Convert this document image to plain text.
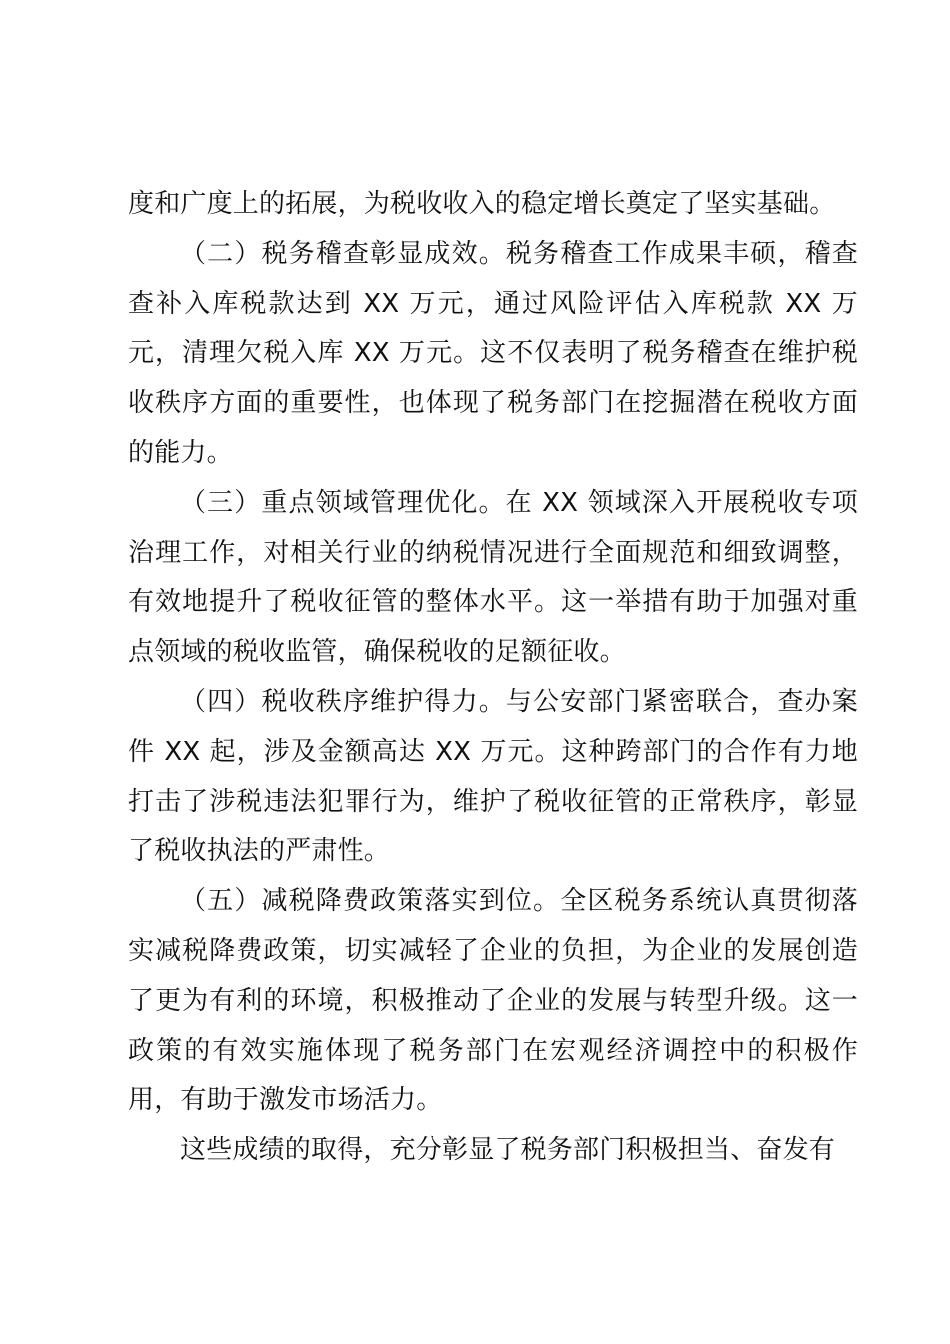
度和广度上的拓展，为税收收入的稳定增长奠定了坚实基础。

（二）税务稽查彰显成效。税务稽查工作成果丰硕，稽查查补入库税款达到 XX 万元，通过风险评估入库税款 XX 万元，清理欠税入库 XX 万元。这不仅表明了税务稽查在维护税收秩序方面的重要性，也体现了税务部门在挖掘潜在税收方面的能力。

（三）重点领域管理优化。在 XX 领域深入开展税收专项治理工作，对相关行业的纳税情况进行全面规范和细致调整，有效地提升了税收征管的整体水平。这一举措有助于加强对重点领域的税收监管，确保税收的足额征收。

（四）税收秩序维护得力。与公安部门紧密联合，查办案件 XX 起，涉及金额高达 XX 万元。这种跨部门的合作有力地打击了涉税违法犯罪行为，维护了税收征管的正常秩序，彰显了税收执法的严肃性。

（五）减税降费政策落实到位。全区税务系统认真贯彻落实减税降费政策，切实减轻了企业的负担，为企业的发展创造了更为有利的环境，积极推动了企业的发展与转型升级。这一政策的有效实施体现了税务部门在宏观经济调控中的积极作用，有助于激发市场活力。

这些成绩的取得，充分彰显了税务部门积极担当、奋发有
